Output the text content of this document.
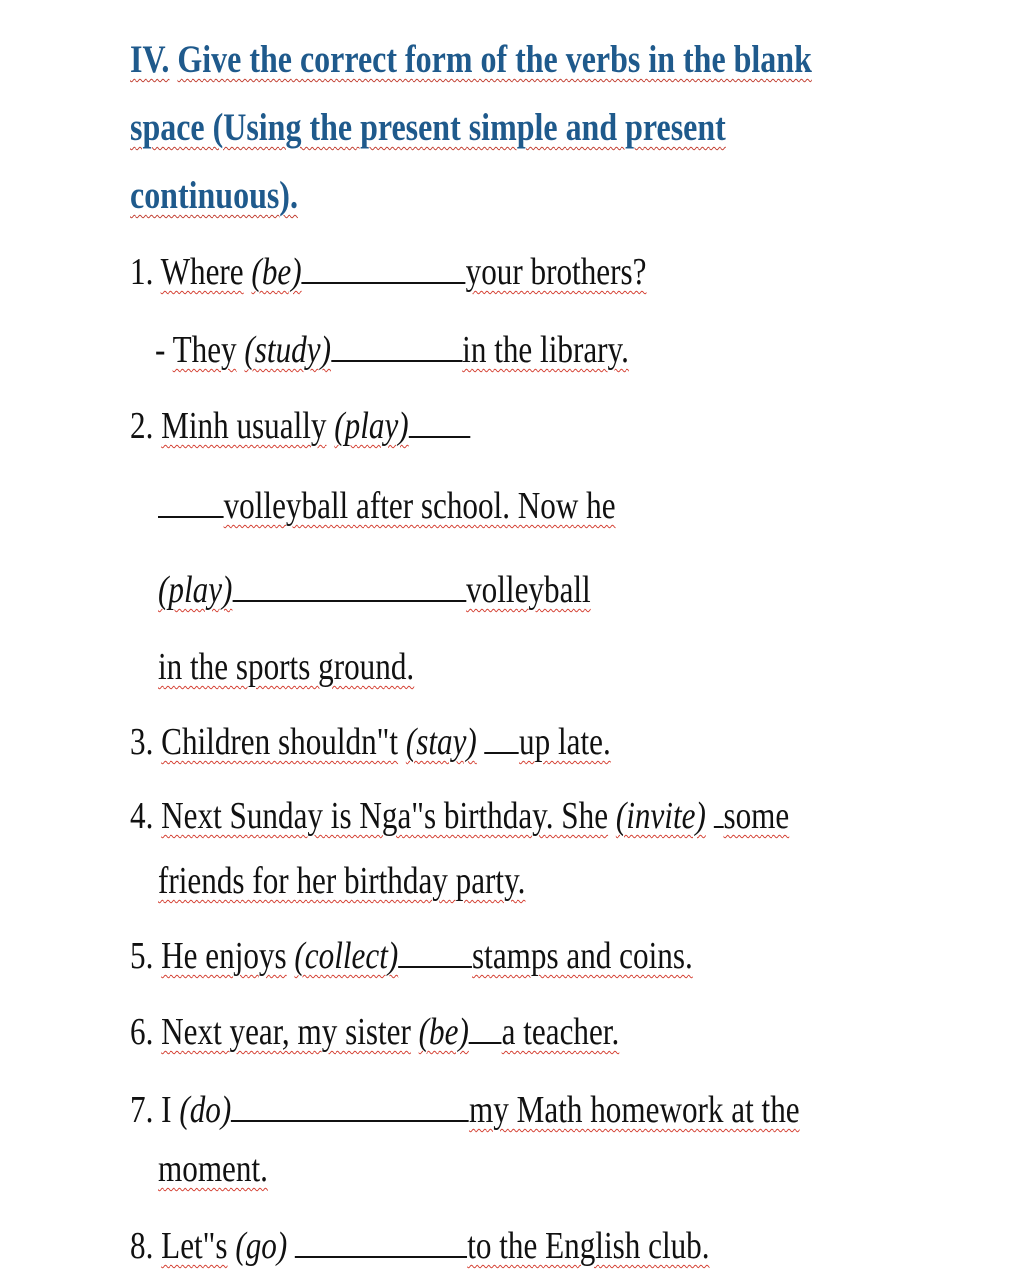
IV. Give the correct form of the verbs in the blank
space (Using the present simple and present
continuous).
1. Where (be)	your brothers?
- They (study)	in the library.
2. Minh usually (play)
volleyball after school. Now he
(play)	volleyball
in the sports ground.
3. Children shouldn"t (stay) up late.
4. Next Sunday is Nga"s birthday. She (invite) some
friends for her birthday party.
5. He enjoys (collect) stamps and coins.
6. Next year, my sister (be) a teacher.
7. I (do)	my Math homework at the
moment.
8. Let"s (go)	to the English club.
